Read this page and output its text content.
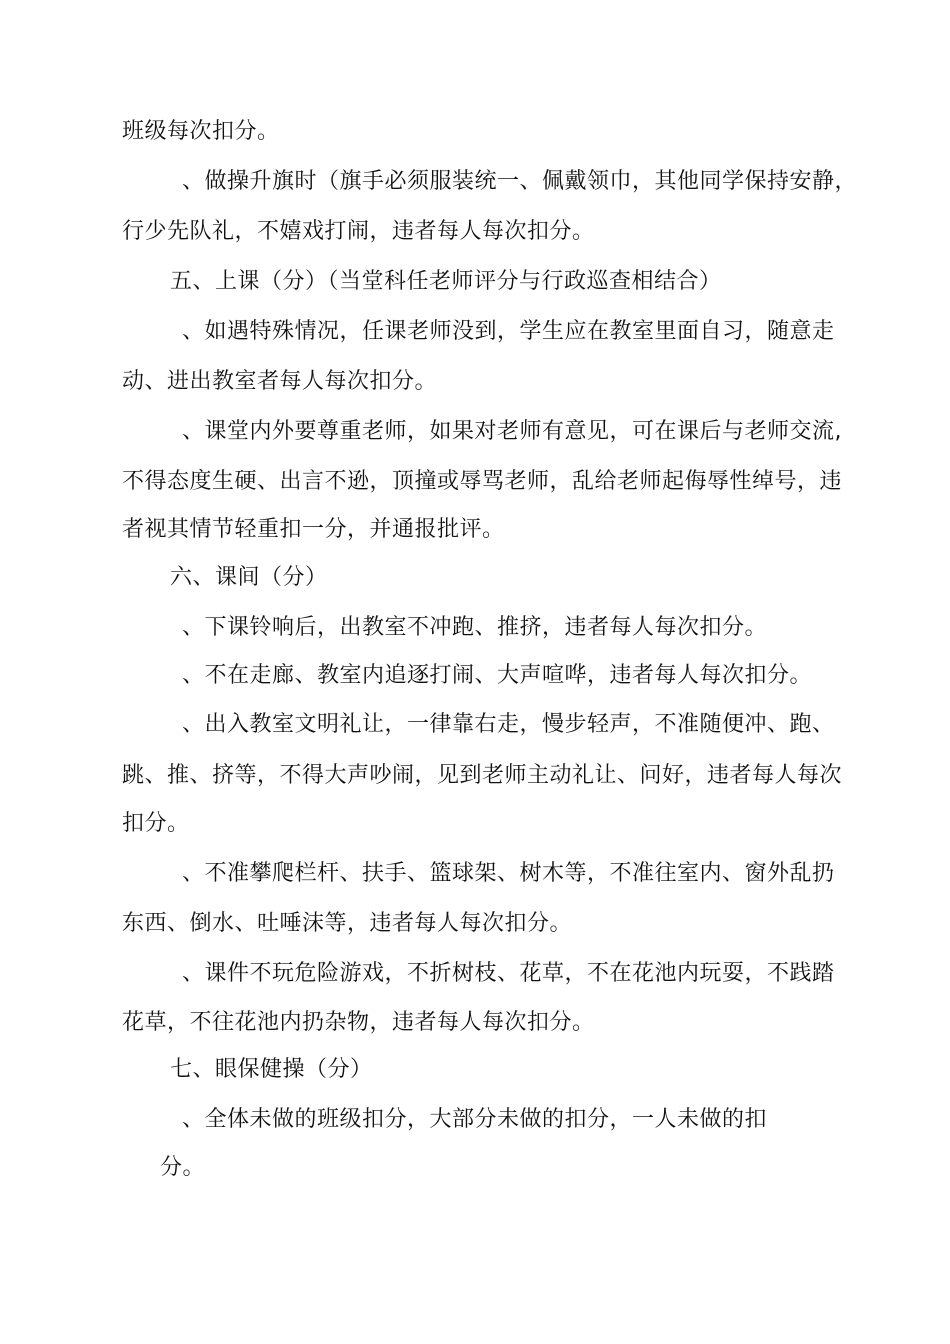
班级每次扣分。
、做操升旗时（旗手必须服装统一、佩戴领巾，其他同学保持安静，
行少先队礼，不嬉戏打闹，违者每人每次扣分。
五、上课（分）（当堂科任老师评分与行政巡查相结合）
、如遇特殊情况，任课老师没到，学生应在教室里面自习，随意走
动、进出教室者每人每次扣分。
、课堂内外要尊重老师，如果对老师有意见，可在课后与老师交流,
不得态度生硬、出言不逊，顶撞或辱骂老师，乱给老师起侮辱性绰号，违
者视其情节轻重扣一分，并通报批评。
六、课间（分）
、下课铃响后，出教室不冲跑、推挤，违者每人每次扣分。
、不在走廊、教室内追逐打闹、大声喧哗，违者每人每次扣分。
、出入教室文明礼让，一律靠右走，慢步轻声，不准随便冲、跑、
跳、推、挤等，不得大声吵闹，见到老师主动礼让、问好，违者每人每次
扣分。
、不准攀爬栏杆、扶手、篮球架、树木等，不准往室内、窗外乱扔
东西、倒水、吐唾沫等，违者每人每次扣分。
、课件不玩危险游戏，不折树枝、花草，不在花池内玩耍，不践踏
花草，不往花池内扔杂物，违者每人每次扣分。
七、眼保健操（分）
、全体未做的班级扣分，大部分未做的扣分，一人未做的扣
分。
